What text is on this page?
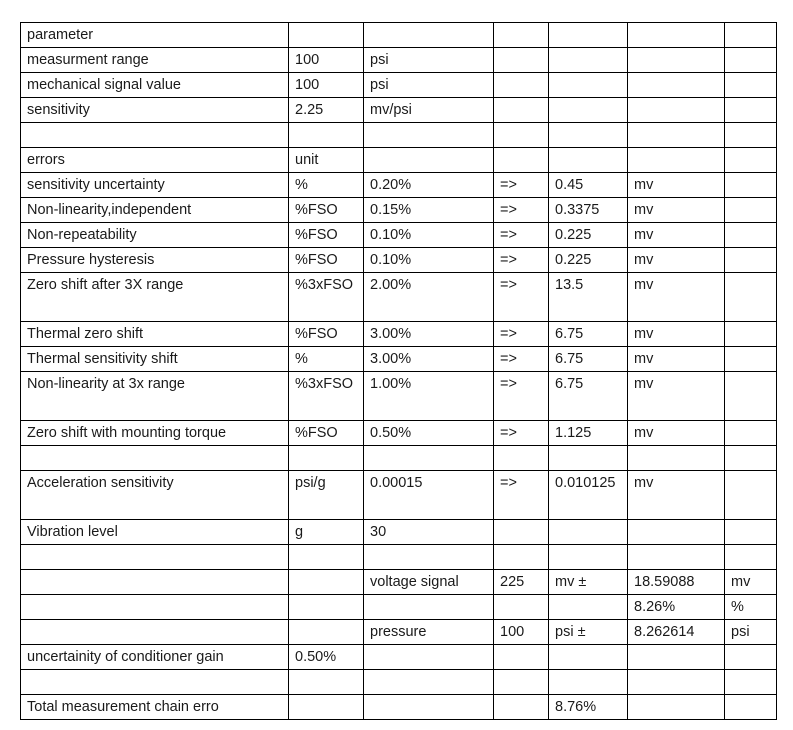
parameter						
measurment range	100	psi				
mechanical signal value	100	psi				
sensitivity	2.25	mv/psi				

errors	unit					
sensitivity uncertainty	%	0.20%	=>	0.45	mv	
Non-linearity,independent	%FSO	0.15%	=>	0.3375	mv	
Non-repeatability	%FSO	0.10%	=>	0.225	mv	
Pressure hysteresis	%FSO	0.10%	=>	0.225	mv	
Zero shift after 3X range	%3xFSO	2.00%	=>	13.5	mv	
Thermal zero shift	%FSO	3.00%	=>	6.75	mv	
Thermal sensitivity shift	%	3.00%	=>	6.75	mv	
Non-linearity at 3x range	%3xFSO	1.00%	=>	6.75	mv	
Zero shift with mounting torque	%FSO	0.50%	=>	1.125	mv	

Acceleration sensitivity	psi/g	0.00015	=>	0.010125	mv	
Vibration level	g	30				

		voltage signal	225	mv ±	18.59088	mv
					8.26%	%
		pressure	100	psi ±	8.262614	psi
uncertainity of conditioner gain	0.50%					

Total measurement chain erro				8.76%		
